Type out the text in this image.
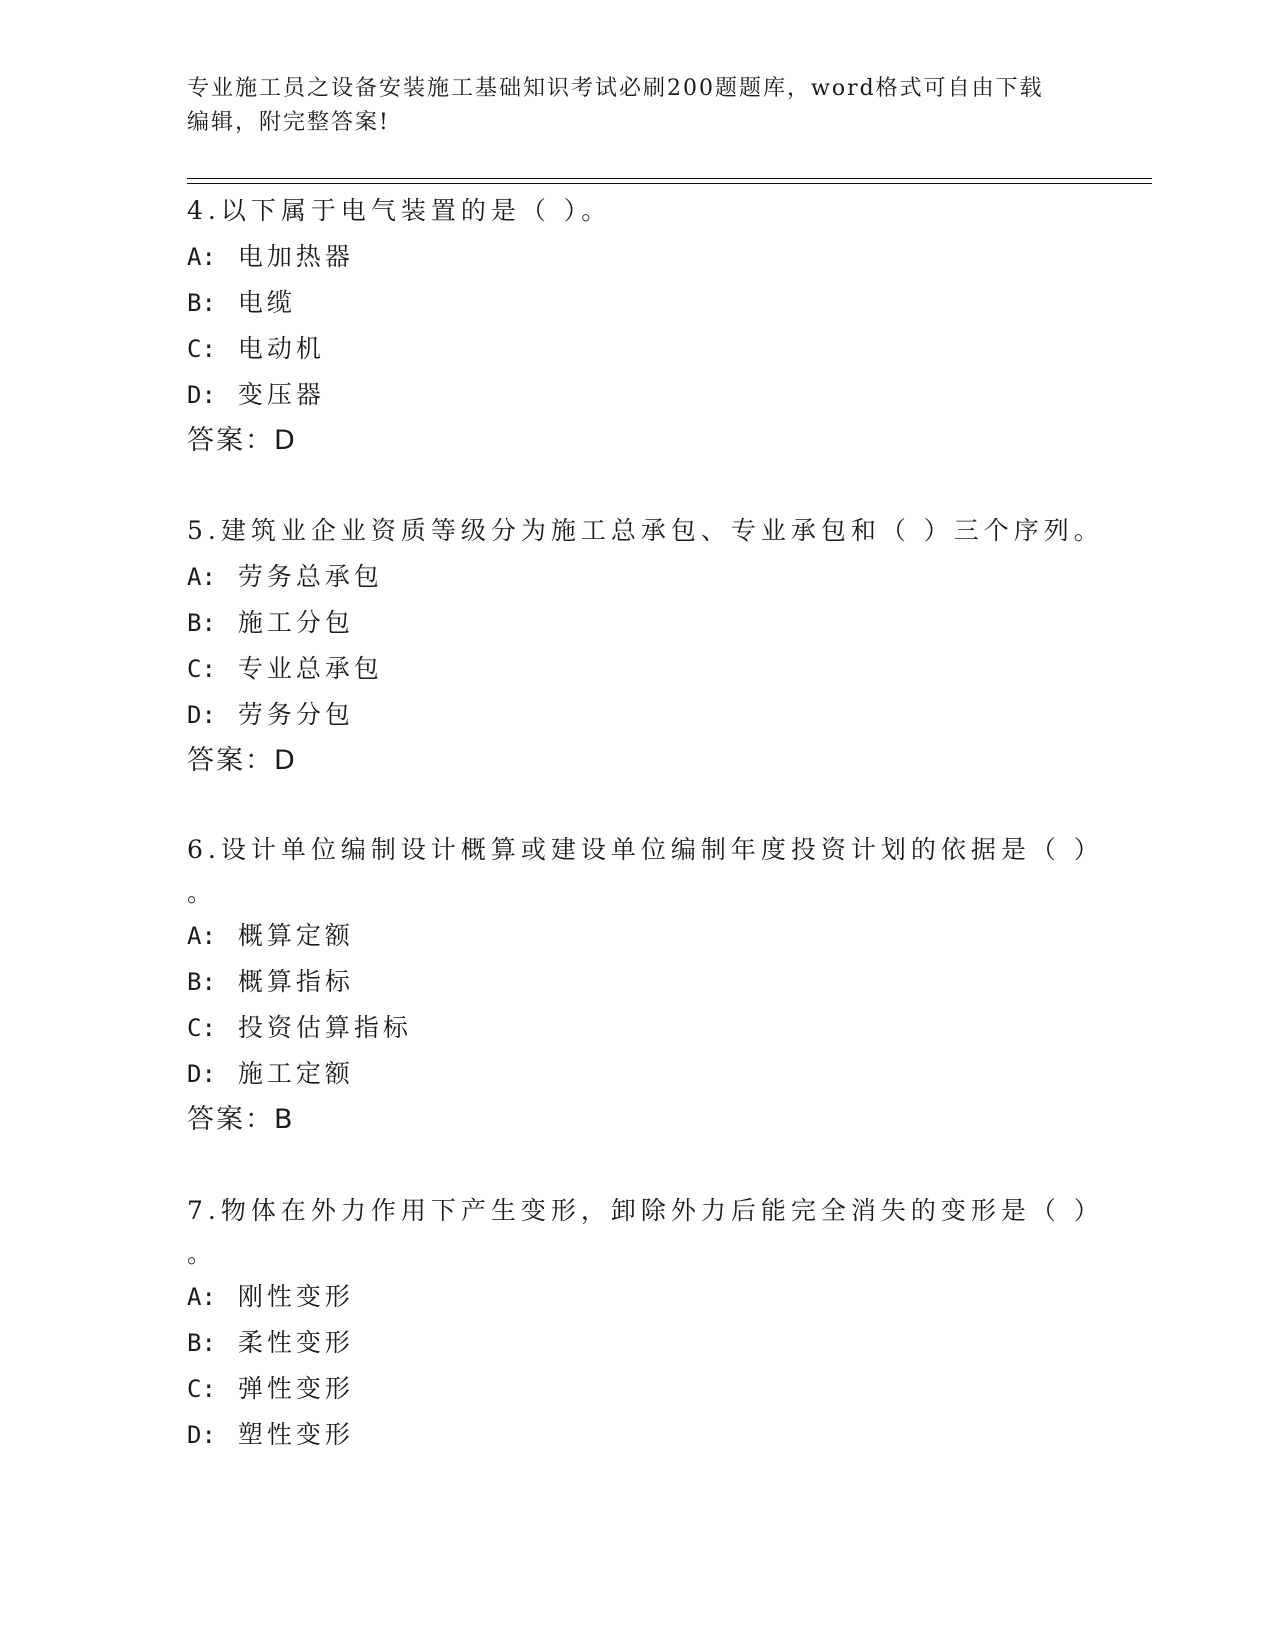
专业施工员之设备安装施工基础知识考试必刷200题题库，word格式可自由下载
编辑，附完整答案!
4.以下属于电气装置的是（ ）。
A: 电加热器
B: 电缆
C: 电动机
D: 变压器
答案：D
5.建筑业企业资质等级分为施工总承包、专业承包和（ ）三个序列。
A: 劳务总承包
B: 施工分包
C: 专业总承包
D: 劳务分包
答案：D
6.设计单位编制设计概算或建设单位编制年度投资计划的依据是（ ）
。
A: 概算定额
B: 概算指标
C: 投资估算指标
D: 施工定额
答案：B
7.物体在外力作用下产生变形，卸除外力后能完全消失的变形是（ ）
。
A: 刚性变形
B: 柔性变形
C: 弹性变形
D: 塑性变形
